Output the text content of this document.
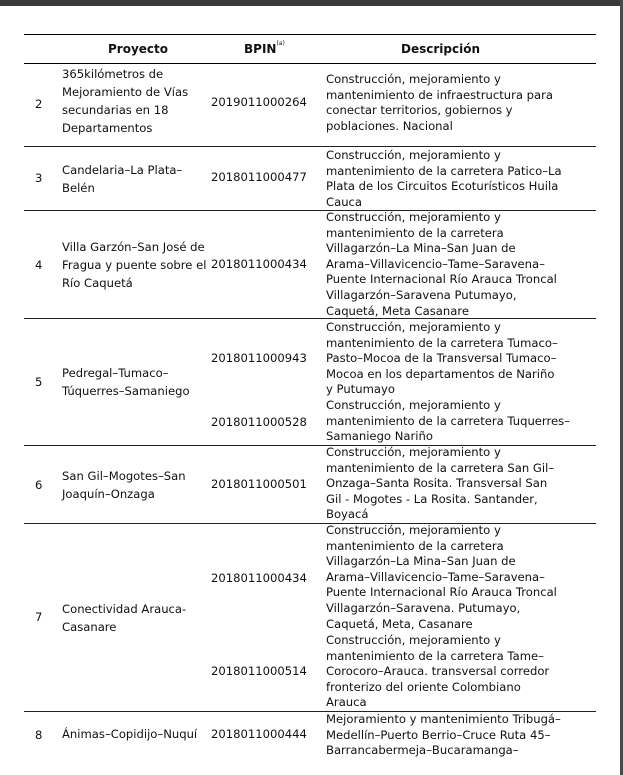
Proyecto	BPIN$^{(a)}$	Descripción
2
365kilómetros de
Mejoramiento de Vías
secundarias en 18
Departamentos
2019011000264
Construcción, mejoramiento y
mantenimiento de infraestructura para
conectar territorios, gobiernos y
poblaciones. Nacional
3
Candelaria–La Plata–
Belén
2018011000477
Construcción, mejoramiento y
mantenimiento de la carretera Patico–La
Plata de los Circuitos Ecoturísticos Huila
Cauca
4
Villa Garzón–San José de
Fragua y puente sobre el
Río Caquetá
2018011000434
Construcción, mejoramiento y
mantenimiento de la carretera
Villagarzón–La Mina–San Juan de
Arama–Villavicencio–Tame–Saravena–
Puente Internacional Río Arauca Troncal
Villagarzón–Saravena Putumayo,
Caquetá, Meta Casanare
5
Pedregal–Tumaco–
Túquerres–Samaniego
2018011000943
Construcción, mejoramiento y
mantenimiento de la carretera Tumaco–
Pasto–Mocoa de la Transversal Tumaco–
Mocoa en los departamentos de Nariño
y Putumayo
2018011000528
Construcción, mejoramiento y
mantenimiento de la carretera Tuquerres–
Samaniego Nariño
6
San Gil–Mogotes–San
Joaquín–Onzaga
2018011000501
Construcción, mejoramiento y
mantenimiento de la carretera San Gil–
Onzaga–Santa Rosita. Transversal San
Gil - Mogotes - La Rosita. Santander,
Boyacá
7
Conectividad Arauca-
Casanare
2018011000434
Construcción, mejoramiento y
mantenimiento de la carretera
Villagarzón–La Mina–San Juan de
Arama–Villavicencio–Tame–Saravena–
Puente Internacional Río Arauca Troncal
Villagarzón–Saravena. Putumayo,
Caquetá, Meta, Casanare
2018011000514
Construcción, mejoramiento y
mantenimiento de la carretera Tame–
Corocoro–Arauca. transversal corredor
fronterizo del oriente Colombiano
Arauca
8 Ánimas–Copidijo–Nuquí 2018011000444
Mejoramiento y mantenimiento Tribugá–
Medellín–Puerto Berrio–Cruce Ruta 45–
Barrancabermeja–Bucaramanga–
